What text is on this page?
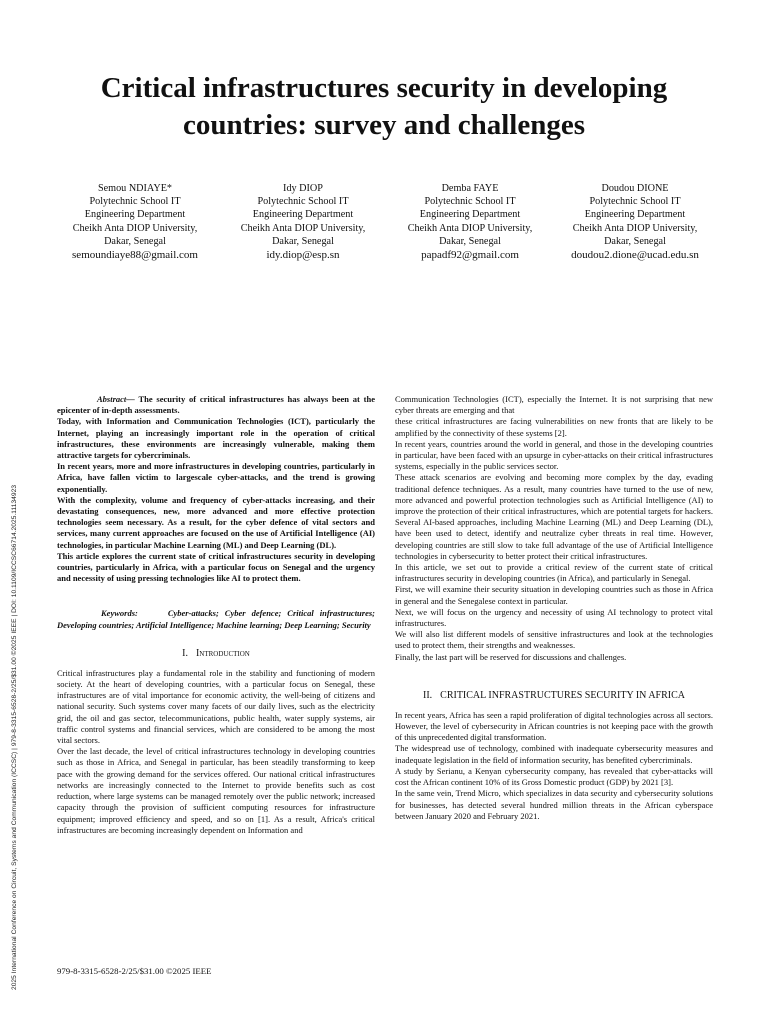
2025 International Conference on Circuit, Systems and Communication (ICCSC) | 979-8-3315-6528-2/25/$31.00 ©2025 IEEE | DOI: 10.1109/ICCSC66714.2025.11134923
Critical infrastructures security in developing countries: survey and challenges
Semou NDIAYE*
Polytechnic School IT
Engineering Department
Cheikh Anta DIOP University,
Dakar, Senegal
semoundiaye88@gmail.com
Idy DIOP
Polytechnic School IT
Engineering Department
Cheikh Anta DIOP University,
Dakar, Senegal
idy.diop@esp.sn
Demba FAYE
Polytechnic School IT
Engineering Department
Cheikh Anta DIOP University,
Dakar, Senegal
papadf92@gmail.com
Doudou DIONE
Polytechnic School IT
Engineering Department
Cheikh Anta DIOP University,
Dakar, Senegal
doudou2.dione@ucad.edu.sn

Abstract— The security of critical infrastructures has always been at the epicenter of in-depth assessments.

Today, with Information and Communication Technologies (ICT), particularly the Internet, playing an increasingly important role in the operation of critical infrastructures, these environments are increasingly vulnerable, making them attractive targets for cybercriminals.

In recent years, more and more infrastructures in developing countries, particularly in Africa, have fallen victim to largescale cyber-attacks, and the trend is growing exponentially.

With the complexity, volume and frequency of cyber-attacks increasing, and their devastating consequences, new, more advanced and more effective protection technologies seem necessary. As a result, for the cyber defence of vital sectors and services, many current approaches are focused on the use of Artificial Intelligence (AI) technologies, in particular Machine Learning (ML) and Deep Learning (DL).

This article explores the current state of critical infrastructures security in developing countries, particularly in Africa, with a particular focus on Senegal and the urgency and necessity of using pressing technologies like AI to protect them.

Keywords:	Cyber-attacks; Cyber defence; Critical infrastructures; Developing countries; Artificial Intelligence; Machine learning; Deep Learning; Security

I. Introduction

Critical infrastructures play a fundamental role in the stability and functioning of modern society. At the heart of developing countries, with a particular focus on Senegal, these infrastructures are of vital importance for economic activity, the well-being of citizens and national security. Such systems cover many facets of our daily lives, such as the electricity grid, the oil and gas sector, telecommunications, public health, water supply systems, air traffic control systems and financial services, which are considered to be among the most vital sectors.

Over the last decade, the level of critical infrastructures technology in developing countries such as those in Africa, and Senegal in particular, has been steadily transforming to keep pace with the growing demand for the services offered. Our national critical infrastructures networks are increasingly connected to the Internet to provide benefits such as cost reduction, where large systems can be managed remotely over the public network; increased capacity through the provision of sufficient computing resources for infrastructure equipment; improved efficiency and speed, and so on [1]. As a result, Africa's critical infrastructures are becoming increasingly dependent on Information and

Communication Technologies (ICT), especially the Internet. It is not surprising that new cyber threats are emerging and that

these critical infrastructures are facing vulnerabilities on new fronts that are likely to be amplified by the connectivity of these systems [2].

In recent years, countries around the world in general, and those in the developing countries in particular, have been faced with an upsurge in cyber-attacks on their critical infrastructures systems, especially in the public services sector.

These attack scenarios are evolving and becoming more complex by the day, evading traditional defence techniques. As a result, many countries have turned to the use of new, more advanced and powerful protection technologies such as Artificial Intelligence (AI) to improve the protection of their critical infrastructures, which are potential targets for hackers. Several AI-based approaches, including Machine Learning (ML) and Deep Learning (DL), have been used to detect, identify and neutralize cyber threats in real time. However, developing countries are still slow to take full advantage of the use of Artificial Intelligence technologies in cybersecurity to better protect their critical infrastructures.

In this article, we set out to provide a critical review of the current state of critical infrastructures security in developing countries (in Africa), and particularly in Senegal.

First, we will examine their security situation in developing countries such as those in Africa in general and the Senegalese context in particular.

Next, we will focus on the urgency and necessity of using AI technology to protect vital infrastructures.

We will also list different models of sensitive infrastructures and look at the technologies used to protect them, their strengths and weaknesses.

Finally, the last part will be reserved for discussions and challenges.

II. CRITICAL INFRASTRUCTURES SECURITY IN AFRICA

In recent years, Africa has seen a rapid proliferation of digital technologies across all sectors. However, the level of cybersecurity in African countries is not keeping pace with the growth of this unprecedented digital transformation.

The widespread use of technology, combined with inadequate cybersecurity measures and inadequate legislation in the field of information security, has benefited cybercriminals.

A study by Serianu, a Kenyan cybersecurity company, has revealed that cyber-attacks will cost the African continent 10% of its Gross Domestic product (GDP) by 2021 [3].

In the same vein, Trend Micro, which specializes in data security and cybersecurity solutions for businesses, has detected several hundred million threats in the African cyberspace between January 2020 and February 2021.

979-8-3315-6528-2/25/$31.00 ©2025 IEEE
